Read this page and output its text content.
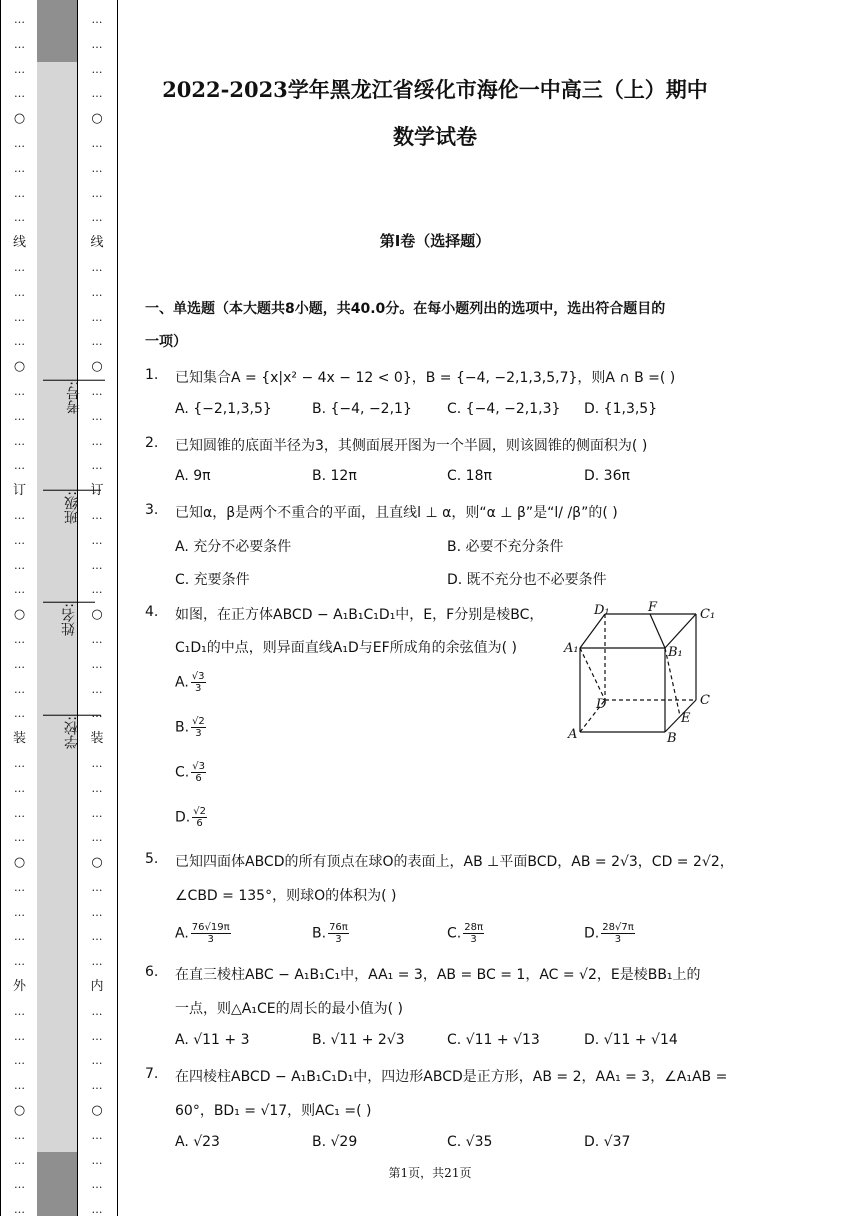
…
…
…
…
○
…
…
…
…
线
…
…
…
…
○
…
…
…
…
订
…
…
…
…
○
…
…
…
…
装
…
…
…
…
○
…
…
…
…
外
…
…
…
…
○
…
…
…
…
学校:
姓名:
班级:
考号:
…
…
…
…
○
…
…
…
…
线
…
…
…
…
○
…
…
…
…
订
…
…
…
…
○
…
…
…
…
装
…
…
…
…
○
…
…
…
…
内
…
…
…
…
○
…
…
…
…
2022-2023学年黑龙江省绥化市海伦一中高三（上）期中
数学试卷
第I卷（选择题）
一、单选题（本大题共8小题，共40.0分。在每小题列出的选项中，选出符合题目的
一项）
1. 已知集合A = {x|x² − 4x − 12 < 0}，B = {−4, −2,1,3,5,7}，则A ∩ B =( )
A. {−2,1,3,5}	B. {−4, −2,1}	C. {−4, −2,1,3} D. {1,3,5}
2. 已知圆锥的底面半径为3，其侧面展开图为一个半圆，则该圆锥的侧面积为( )
A. 9π	B. 12π	C. 18π	D. 36π
3. 已知α，β是两个不重合的平面，且直线l ⊥ α，则“α ⊥ β”是“l/ /β”的( )
A. 充分不必要条件	B. 必要不充分条件
C. 充要条件	D. 既不充分也不必要条件
4. 如图，在正方体ABCD − A₁B₁C₁D₁中，E，F分别是棱BC，
C₁D₁的中点，则异面直线A₁D与EF所成角的余弦值为( )
A. $\frac{√3}{3}$
B. $\frac{√2}{3}$
C. $\frac{√3}{6}$
D. $\frac{√2}{6}$
D₁	F	C₁
A₁	B₁
D	C
E
A	B
5. 已知四面体ABCD的所有顶点在球O的表面上，AB ⊥平面BCD，AB = 2√3，CD = 2√2，
∠CBD = 135°，则球O的体积为( )
A. $\frac{76√19\pi}{3}$	B. $\frac{76\pi}{3}$	C. $\frac{28\pi}{3}$	D. $\frac{28√7\pi}{3}$
6. 在直三棱柱ABC − A₁B₁C₁中，AA₁ = 3，AB = BC = 1，AC = √2，E是棱BB₁上的
一点，则△A₁CE的周长的最小值为( )
A. √11 + 3	B. √11 + 2√3	C. √11 + √13	D. √11 + √14
7. 在四棱柱ABCD − A₁B₁C₁D₁中，四边形ABCD是正方形，AB = 2，AA₁ = 3，∠A₁AB =
60°，BD₁ = √17，则AC₁ =( )
A. √23	B. √29	C. √35	D. √37
第1页，共21页
